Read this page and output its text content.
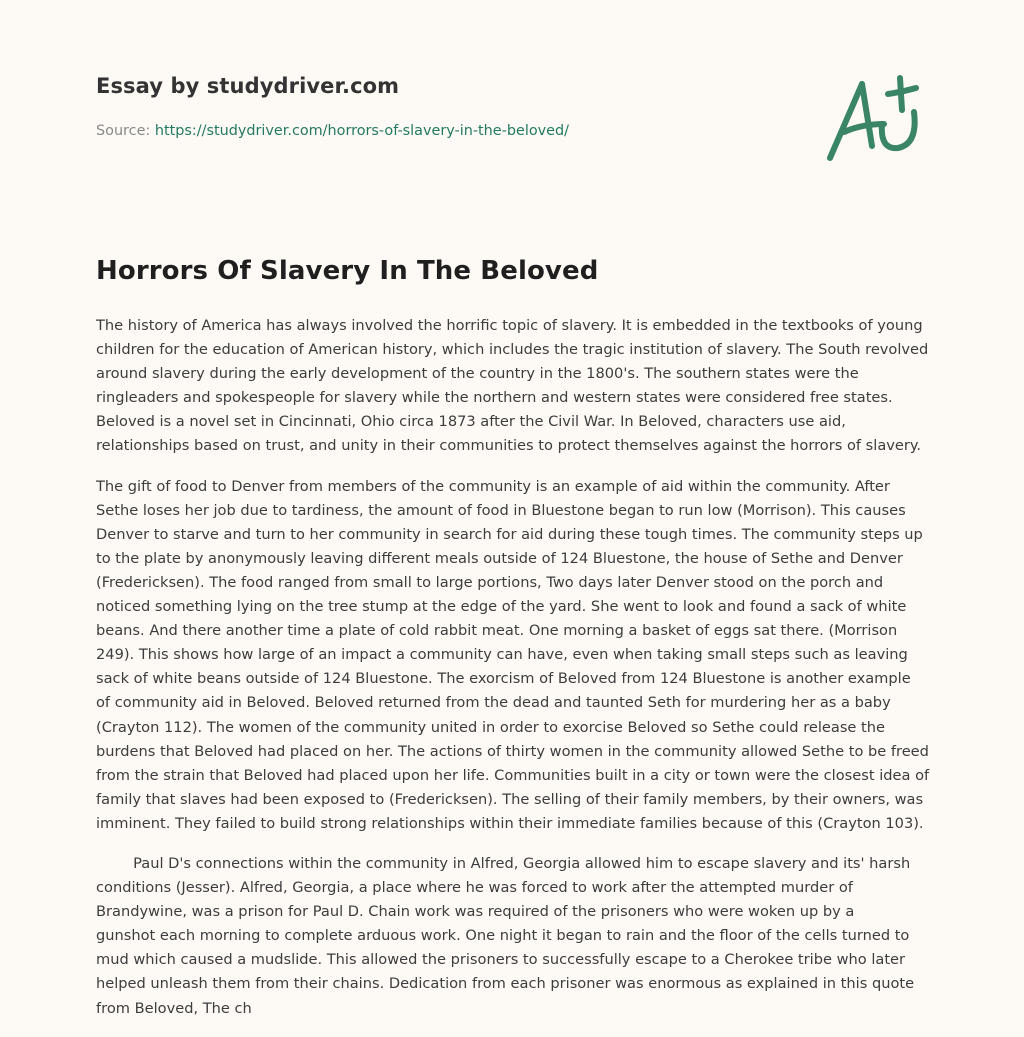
Essay by studydriver.com
Source: https://studydriver.com/horrors-of-slavery-in-the-beloved/
Horrors Of Slavery In The Beloved

The history of America has always involved the horrific topic of slavery. It is embedded in the textbooks of young
children for the education of American history, which includes the tragic institution of slavery. The South revolved
around slavery during the early development of the country in the 1800's. The southern states were the
ringleaders and spokespeople for slavery while the northern and western states were considered free states.
Beloved is a novel set in Cincinnati, Ohio circa 1873 after the Civil War. In Beloved, characters use aid,
relationships based on trust, and unity in their communities to protect themselves against the horrors of slavery.

The gift of food to Denver from members of the community is an example of aid within the community. After
Sethe loses her job due to tardiness, the amount of food in Bluestone began to run low (Morrison). This causes
Denver to starve and turn to her community in search for aid during these tough times. The community steps up
to the plate by anonymously leaving different meals outside of 124 Bluestone, the house of Sethe and Denver
(Fredericksen). The food ranged from small to large portions, Two days later Denver stood on the porch and
noticed something lying on the tree stump at the edge of the yard. She went to look and found a sack of white
beans. And there another time a plate of cold rabbit meat. One morning a basket of eggs sat there. (Morrison
249). This shows how large of an impact a community can have, even when taking small steps such as leaving
sack of white beans outside of 124 Bluestone. The exorcism of Beloved from 124 Bluestone is another example
of community aid in Beloved. Beloved returned from the dead and taunted Seth for murdering her as a baby
(Crayton 112). The women of the community united in order to exorcise Beloved so Sethe could release the
burdens that Beloved had placed on her. The actions of thirty women in the community allowed Sethe to be freed
from the strain that Beloved had placed upon her life. Communities built in a city or town were the closest idea of
family that slaves had been exposed to (Fredericksen). The selling of their family members, by their owners, was
imminent. They failed to build strong relationships within their immediate families because of this (Crayton 103).

Paul D's connections within the community in Alfred, Georgia allowed him to escape slavery and its' harsh
conditions (Jesser). Alfred, Georgia, a place where he was forced to work after the attempted murder of
Brandywine, was a prison for Paul D. Chain work was required of the prisoners who were woken up by a
gunshot each morning to complete arduous work. One night it began to rain and the floor of the cells turned to
mud which caused a mudslide. This allowed the prisoners to successfully escape to a Cherokee tribe who later
helped unleash them from their chains. Dedication from each prisoner was enormous as explained in this quote
from Beloved, The ch
